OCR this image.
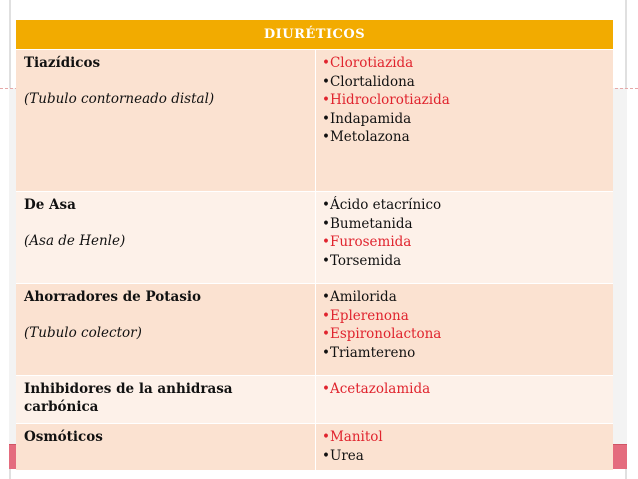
DIURÉTICOS
Tiazídicos
(Tubulo contorneado distal)
•Clorotiazida
•Clortalidona
•Hidroclorotiazida
•Indapamida
•Metolazona
De Asa
(Asa de Henle)
•Ácido etacrínico
•Bumetanida
•Furosemida
•Torsemida
Ahorradores de Potasio
(Tubulo colector)
•Amilorida
•Eplerenona
•Espironolactona
•Triamtereno
Inhibidores de la anhidrasa carbónica
•Acetazolamida
Osmóticos	•Manitol
•Urea
